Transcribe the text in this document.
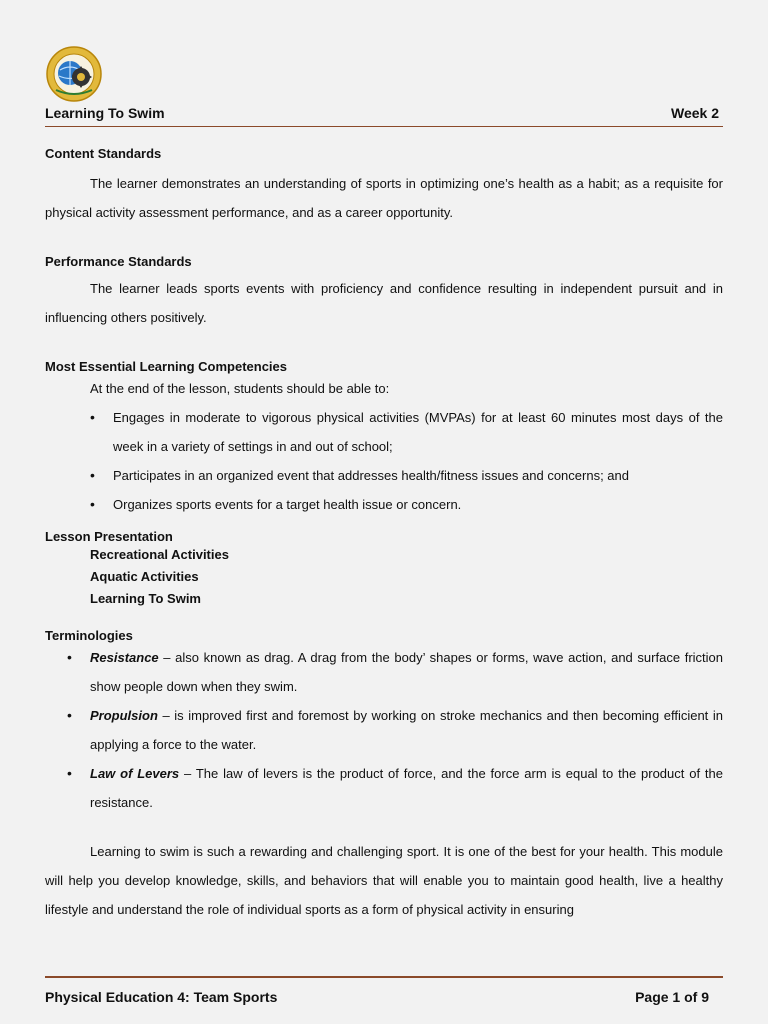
Learning To Swim	Week 2
Content Standards

The learner demonstrates an understanding of sports in optimizing one’s health as a habit; as a requisite for physical activity assessment performance, and as a career opportunity.

Performance Standards

The learner leads sports events with proficiency and confidence resulting in independent pursuit and in influencing others positively.

Most Essential Learning Competencies

At the end of the lesson, students should be able to:

• Engages in moderate to vigorous physical activities (MVPAs) for at least 60 minutes most days of the week in a variety of settings in and out of school;
• Participates in an organized event that addresses health/fitness issues and concerns; and
• Organizes sports events for a target health issue or concern.
Lesson Presentation
Recreational Activities
Aquatic Activities
Learning To Swim
Terminologies
• Resistance – also known as drag. A drag from the body’ shapes or forms, wave action, and surface friction show people down when they swim.
• Propulsion – is improved first and foremost by working on stroke mechanics and then becoming efficient in applying a force to the water.
• Law of Levers – The law of levers is the product of force, and the force arm is equal to the product of the resistance.

Learning to swim is such a rewarding and challenging sport. It is one of the best for your health. This module will help you develop knowledge, skills, and behaviors that will enable you to maintain good health, live a healthy lifestyle and understand the role of individual sports as a form of physical activity in ensuring

Physical Education 4: Team Sports	Page 1 of 9
